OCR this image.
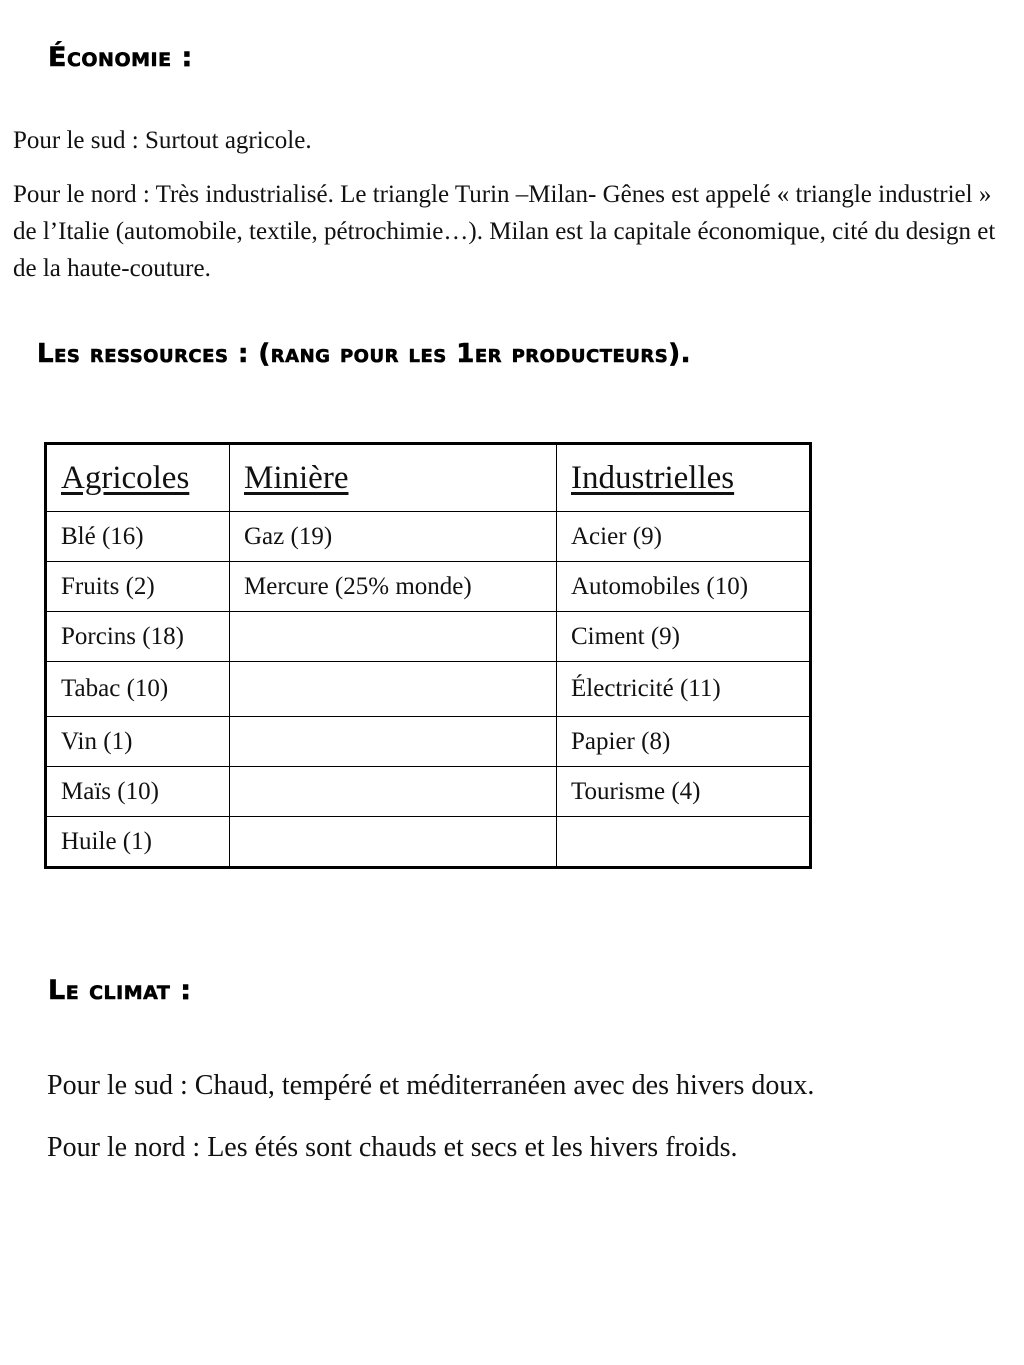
Économie :

Pour le sud : Surtout agricole.

Pour le nord : Très industrialisé. Le triangle Turin –Milan- Gênes est appelé « triangle industriel » de l’Italie (automobile, textile, pétrochimie…). Milan est la capitale économique, cité du design et de la haute-couture.

Les ressources : (rang pour les 1er producteurs).
Agricoles	Minière	Industrielles
Blé (16)	Gaz (19)	Acier (9)
Fruits (2)	Mercure (25% monde)	Automobiles (10)
Porcins (18)		Ciment (9)
Tabac (10)		Électricité (11)
Vin (1)		Papier (8)
Maïs (10)		Tourisme (4)
Huile (1)		
Le climat :

Pour le sud : Chaud, tempéré et méditerranéen avec des hivers doux.

Pour le nord : Les étés sont chauds et secs et les hivers froids.
